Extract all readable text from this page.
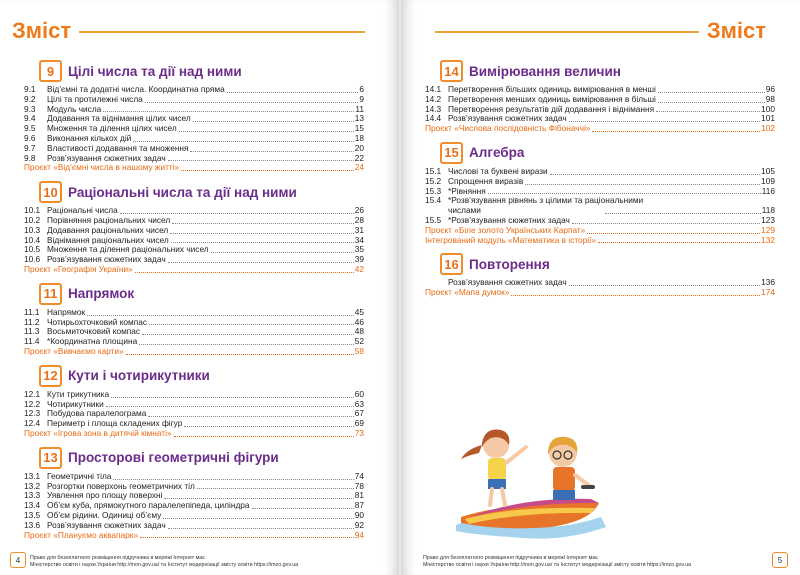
Зміст
9	Цілі числа та дії над ними
9.1	Від’ємні та додатні числа. Координатна пряма	6
9.2	Цілі та протилежні числа	9
9.3	Модуль числа	11
9.4	Додавання та віднімання цілих чисел	13
9.5	Множення та ділення цілих чисел	15
9.6	Виконання кількох дій	18
9.7	Властивості додавання та множення	20
9.8	Розв’язування сюжетних задач	22
Проєкт «Від’ємні числа в нашому житті»	24
10 Раціональні числа та дії над ними
10.1 Раціональні числа	26
10.2 Порівняння раціональних чисел	28
10.3 Додавання раціональних чисел	31
10.4 Віднімання раціональних чисел	34
10.5 Множення та ділення раціональних чисел	35
10.6 Розв’язування сюжетних задач	39
Проєкт «Географія України»	42
11 Напрямок
11.1 Напрямок	45
11.2 Чотирьохточковий компас	46
11.3 Восьмиточковий компас	48
11.4 *Координатна площина	52
Проєкт «Вивчаємо карти»	58
12 Кути і чотирикутники
12.1 Кути трикутника	60
12.2 Чотирикутники	63
12.3 Побудова паралелограма	67
12.4 Периметр і площа складених фігур	69
Проєкт «Ігрова зона в дитячій кімнаті»	73
13 Просторові геометричні фігури
13.1 Геометричні тіла	74
13.2 Розгортки поверхонь геометричних тіл	78
13.3 Уявлення про площу поверхні	81
13.4 Об’єм куба, прямокутного паралелепіпеда, циліндра	87
13.5 Об’єм рідини. Одиниці об’єму	90
13.6 Розв’язування сюжетних задач	92
Проєкт «Плануємо аквапарк»	94
4	Право для безоплатного розміщення підручника в мережі Інтернет має
Міністерство освіти і науки України http://mon.gov.ua/ та Інститут модернізації змісту освіти https://imzo.gov.ua
Зміст
14 Вимірювання величин
14.1 Перетворення більших одиниць вимірювання в менші	96
14.2 Перетворення менших одиниць вимірювання в більші	98
14.3 Перетворення результатів дій додавання і віднімання	100
14.4 Розв’язування сюжетних задач	101
Проєкт «Числова послідовність Фібоначчі»	102
15 Алгебра
15.1 Числові та буквені вирази	105
15.2 Спрощення виразів	109
15.3 *Рівняння	116
15.4 *Розв’язування рівнянь з цілими та раціональними
числами	118
15.5 *Розв’язування сюжетних задач	123
Проєкт «Біле золото Українських Карпат»	129
Інтегрований модуль «Математика в історії»	132
16 Повторення
Розв’язування сюжетних задач	136
Проєкт «Мапа думок»	174
5
Право для безоплатного розміщення підручника в мережі Інтернет має
Міністерство освіти і науки України http://mon.gov.ua/ та Інститут модернізації змісту освіти https://imzo.gov.ua
